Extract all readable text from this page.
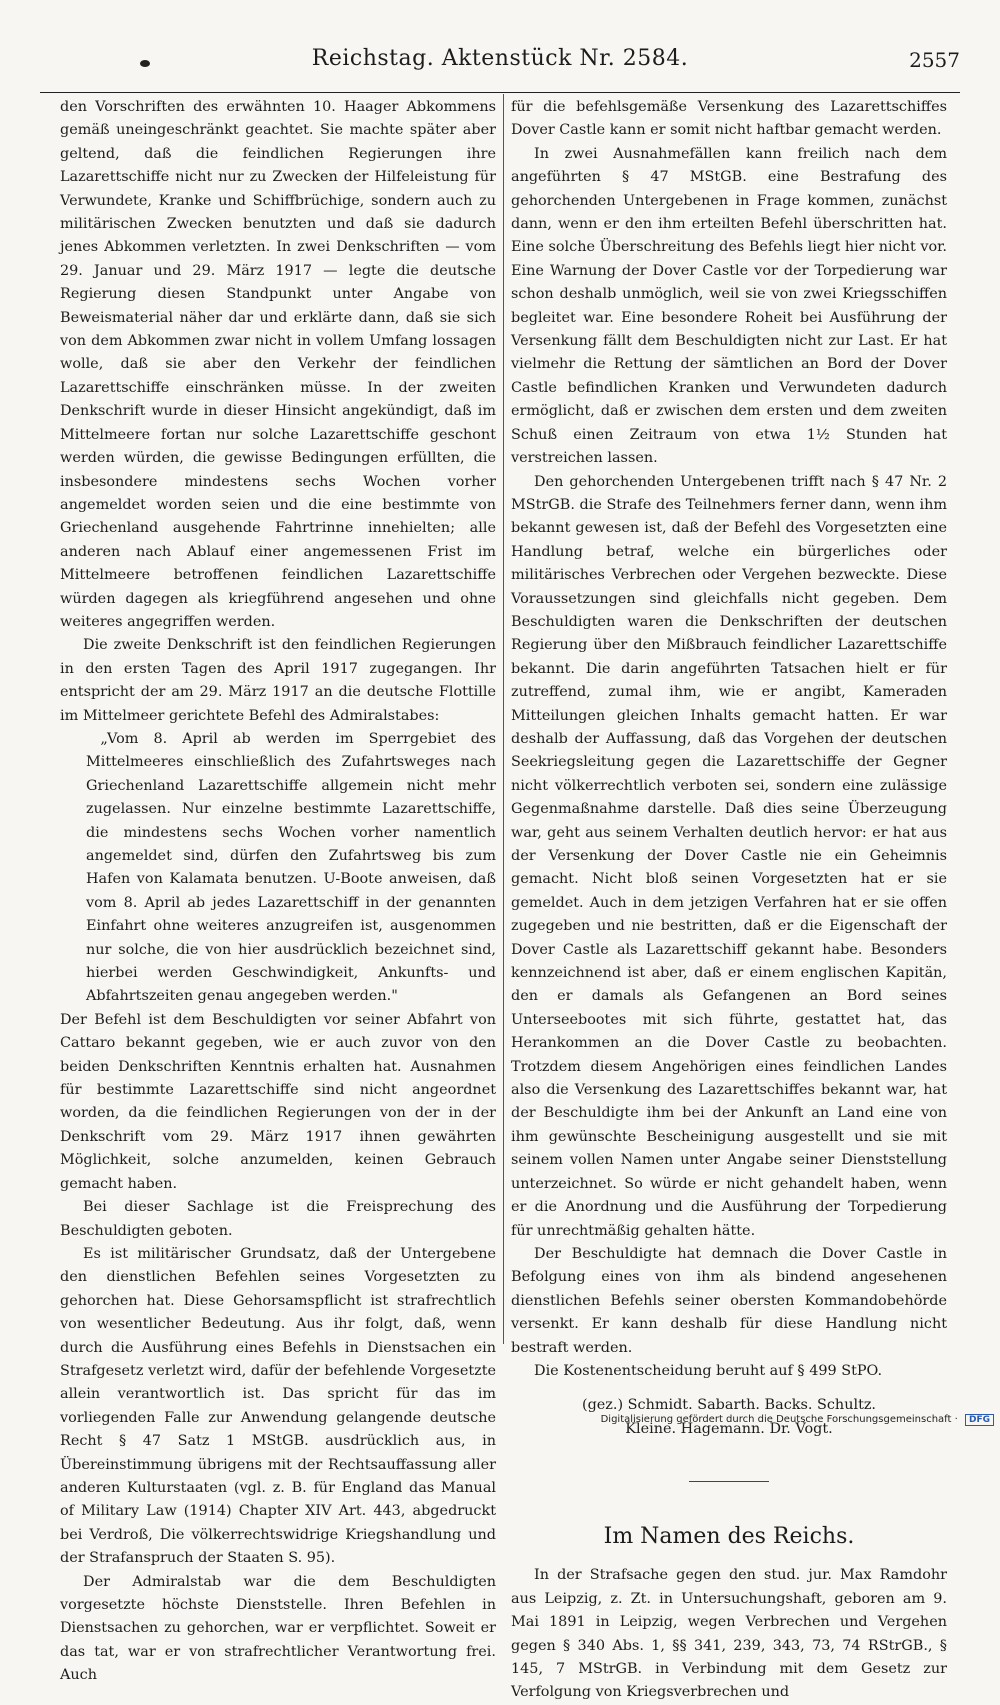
Reichstag. Aktenstück Nr. 2584.	2557

den Vorschriften des erwähnten 10. Haager Abkommens gemäß uneingeschränkt geachtet. Sie machte später aber geltend, daß die feindlichen Regierungen ihre Lazarettschiffe nicht nur zu Zwecken der Hilfeleistung für Verwundete, Kranke und Schiffbrüchige, sondern auch zu militärischen Zwecken benutzten und daß sie dadurch jenes Abkommen verletzten. In zwei Denkschriften — vom 29. Januar und 29. März 1917 — legte die deutsche Regierung diesen Standpunkt unter Angabe von Beweismaterial näher dar und erklärte dann, daß sie sich von dem Abkommen zwar nicht in vollem Umfang lossagen wolle, daß sie aber den Verkehr der feindlichen Lazarettschiffe einschränken müsse. In der zweiten Denkschrift wurde in dieser Hinsicht angekündigt, daß im Mittelmeere fortan nur solche Lazarettschiffe geschont werden würden, die gewisse Bedingungen erfüllten, die insbesondere mindestens sechs Wochen vorher angemeldet worden seien und die eine bestimmte von Griechenland ausgehende Fahrtrinne innehielten; alle anderen nach Ablauf einer angemessenen Frist im Mittelmeere betroffenen feindlichen Lazarettschiffe würden dagegen als kriegführend angesehen und ohne weiteres angegriffen werden.

Die zweite Denkschrift ist den feindlichen Regierungen in den ersten Tagen des April 1917 zugegangen. Ihr entspricht der am 29. März 1917 an die deutsche Flottille im Mittelmeer gerichtete Befehl des Admiralstabes:

„Vom 8. April ab werden im Sperrgebiet des Mittelmeeres einschließlich des Zufahrtsweges nach Griechenland Lazarettschiffe allgemein nicht mehr zugelassen. Nur einzelne bestimmte Lazarettschiffe, die mindestens sechs Wochen vorher namentlich angemeldet sind, dürfen den Zufahrtsweg bis zum Hafen von Kalamata benutzen. U-Boote anweisen, daß vom 8. April ab jedes Lazarettschiff in der genannten Einfahrt ohne weiteres anzugreifen ist, ausgenommen nur solche, die von hier ausdrücklich bezeichnet sind, hierbei werden Geschwindigkeit, Ankunfts- und Abfahrtszeiten genau angegeben werden."

Der Befehl ist dem Beschuldigten vor seiner Abfahrt von Cattaro bekannt gegeben, wie er auch zuvor von den beiden Denkschriften Kenntnis erhalten hat. Ausnahmen für bestimmte Lazarettschiffe sind nicht angeordnet worden, da die feindlichen Regierungen von der in der Denkschrift vom 29. März 1917 ihnen gewährten Möglichkeit, solche anzumelden, keinen Gebrauch gemacht haben.

Bei dieser Sachlage ist die Freisprechung des Beschuldigten geboten.

Es ist militärischer Grundsatz, daß der Untergebene den dienstlichen Befehlen seines Vorgesetzten zu gehorchen hat. Diese Gehorsamspflicht ist strafrechtlich von wesentlicher Bedeutung. Aus ihr folgt, daß, wenn durch die Ausführung eines Befehls in Dienstsachen ein Strafgesetz verletzt wird, dafür der befehlende Vorgesetzte allein verantwortlich ist. Das spricht für das im vorliegenden Falle zur Anwendung gelangende deutsche Recht § 47 Satz 1 MStGB. ausdrücklich aus, in Übereinstimmung übrigens mit der Rechtsauffassung aller anderen Kulturstaaten (vgl. z. B. für England das Manual of Military Law (1914) Chapter XIV Art. 443, abgedruckt bei Verdroß, Die völkerrechtswidrige Kriegshandlung und der Strafanspruch der Staaten S. 95).

Der Admiralstab war die dem Beschuldigten vorgesetzte höchste Dienststelle. Ihren Befehlen in Dienstsachen zu gehorchen, war er verpflichtet. Soweit er das tat, war er von strafrechtlicher Verantwortung frei. Auch

für die befehlsgemäße Versenkung des Lazarettschiffes Dover Castle kann er somit nicht haftbar gemacht werden.

In zwei Ausnahmefällen kann freilich nach dem angeführten § 47 MStGB. eine Bestrafung des gehorchenden Untergebenen in Frage kommen, zunächst dann, wenn er den ihm erteilten Befehl überschritten hat. Eine solche Überschreitung des Befehls liegt hier nicht vor. Eine Warnung der Dover Castle vor der Torpedierung war schon deshalb unmöglich, weil sie von zwei Kriegsschiffen begleitet war. Eine besondere Roheit bei Ausführung der Versenkung fällt dem Beschuldigten nicht zur Last. Er hat vielmehr die Rettung der sämtlichen an Bord der Dover Castle befindlichen Kranken und Verwundeten dadurch ermöglicht, daß er zwischen dem ersten und dem zweiten Schuß einen Zeitraum von etwa 1½ Stunden hat verstreichen lassen.

Den gehorchenden Untergebenen trifft nach § 47 Nr. 2 MStrGB. die Strafe des Teilnehmers ferner dann, wenn ihm bekannt gewesen ist, daß der Befehl des Vorgesetzten eine Handlung betraf, welche ein bürgerliches oder militärisches Verbrechen oder Vergehen bezweckte. Diese Voraussetzungen sind gleichfalls nicht gegeben. Dem Beschuldigten waren die Denkschriften der deutschen Regierung über den Mißbrauch feindlicher Lazarettschiffe bekannt. Die darin angeführten Tatsachen hielt er für zutreffend, zumal ihm, wie er angibt, Kameraden Mitteilungen gleichen Inhalts gemacht hatten. Er war deshalb der Auffassung, daß das Vorgehen der deutschen Seekriegsleitung gegen die Lazarettschiffe der Gegner nicht völkerrechtlich verboten sei, sondern eine zulässige Gegenmaßnahme darstelle. Daß dies seine Überzeugung war, geht aus seinem Verhalten deutlich hervor: er hat aus der Versenkung der Dover Castle nie ein Geheimnis gemacht. Nicht bloß seinen Vorgesetzten hat er sie gemeldet. Auch in dem jetzigen Verfahren hat er sie offen zugegeben und nie bestritten, daß er die Eigenschaft der Dover Castle als Lazarettschiff gekannt habe. Besonders kennzeichnend ist aber, daß er einem englischen Kapitän, den er damals als Gefangenen an Bord seines Unterseebootes mit sich führte, gestattet hat, das Herankommen an die Dover Castle zu beobachten. Trotzdem diesem Angehörigen eines feindlichen Landes also die Versenkung des Lazarettschiffes bekannt war, hat der Beschuldigte ihm bei der Ankunft an Land eine von ihm gewünschte Bescheinigung ausgestellt und sie mit seinem vollen Namen unter Angabe seiner Dienststellung unterzeichnet. So würde er nicht gehandelt haben, wenn er die Anordnung und die Ausführung der Torpedierung für unrechtmäßig gehalten hätte.

Der Beschuldigte hat demnach die Dover Castle in Befolgung eines von ihm als bindend angesehenen dienstlichen Befehls seiner obersten Kommandobehörde versenkt. Er kann deshalb für diese Handlung nicht bestraft werden.

Die Kostenentscheidung beruht auf § 499 StPO.

(gez.) Schmidt. Sabarth. Backs. Schultz.
Kleine. Hagemann. Dr. Vogt.
Im Namen des Reichs.

In der Strafsache gegen den stud. jur. Max Ramdohr aus Leipzig, z. Zt. in Untersuchungshaft, geboren am 9. Mai 1891 in Leipzig, wegen Verbrechen und Vergehen gegen § 340 Abs. 1, §§ 341, 239, 343, 73, 74 RStrGB., § 145, 7 MStrGB. in Verbindung mit dem Gesetz zur Verfolgung von Kriegsverbrechen und

Digitalisierung gefördert durch die Deutsche Forschungsgemeinschaft · DFG
